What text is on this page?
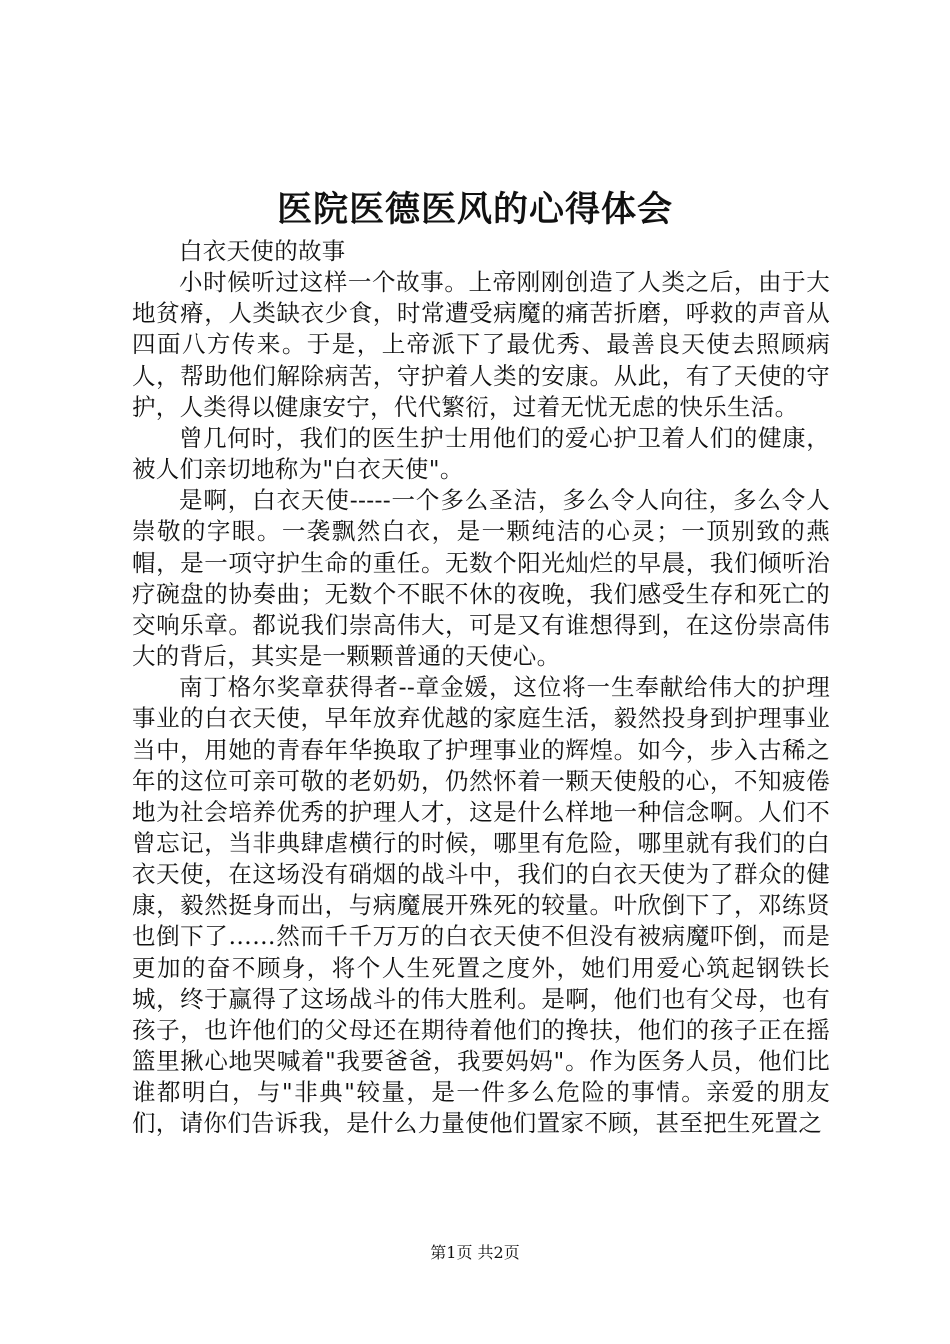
医院医德医风的心得体会

白衣天使的故事

小时候听过这样一个故事。上帝刚刚创造了人类之后，由于大地贫瘠，人类缺衣少食，时常遭受病魔的痛苦折磨，呼救的声音从四面八方传来。于是，上帝派下了最优秀、最善良天使去照顾病人，帮助他们解除病苦，守护着人类的安康。从此，有了天使的守护，人类得以健康安宁，代代繁衍，过着无忧无虑的快乐生活。

曾几何时，我们的医生护士用他们的爱心护卫着人们的健康，被人们亲切地称为"白衣天使"。

是啊，白衣天使-----一个多么圣洁，多么令人向往，多么令人崇敬的字眼。一袭飘然白衣，是一颗纯洁的心灵；一顶别致的燕帽，是一项守护生命的重任。无数个阳光灿烂的早晨，我们倾听治疗碗盘的协奏曲；无数个不眠不休的夜晚，我们感受生存和死亡的交响乐章。都说我们崇高伟大，可是又有谁想得到，在这份崇高伟大的背后，其实是一颗颗普通的天使心。

南丁格尔奖章获得者--章金媛，这位将一生奉献给伟大的护理事业的白衣天使，早年放弃优越的家庭生活，毅然投身到护理事业当中，用她的青春年华换取了护理事业的辉煌。如今，步入古稀之年的这位可亲可敬的老奶奶，仍然怀着一颗天使般的心，不知疲倦地为社会培养优秀的护理人才，这是什么样地一种信念啊。人们不曾忘记，当非典肆虐横行的时候，哪里有危险，哪里就有我们的白衣天使，在这场没有硝烟的战斗中，我们的白衣天使为了群众的健康，毅然挺身而出，与病魔展开殊死的较量。叶欣倒下了，邓练贤也倒下了……然而千千万万的白衣天使不但没有被病魔吓倒，而是更加的奋不顾身，将个人生死置之度外，她们用爱心筑起钢铁长城，终于赢得了这场战斗的伟大胜利。是啊，他们也有父母，也有孩子，也许他们的父母还在期待着他们的搀扶，他们的孩子正在摇篮里揪心地哭喊着"我要爸爸，我要妈妈"。作为医务人员，他们比谁都明白，与"非典"较量，是一件多么危险的事情。亲爱的朋友们，请你们告诉我，是什么力量使他们置家不顾，甚至把生死置之

第1页 共2页
